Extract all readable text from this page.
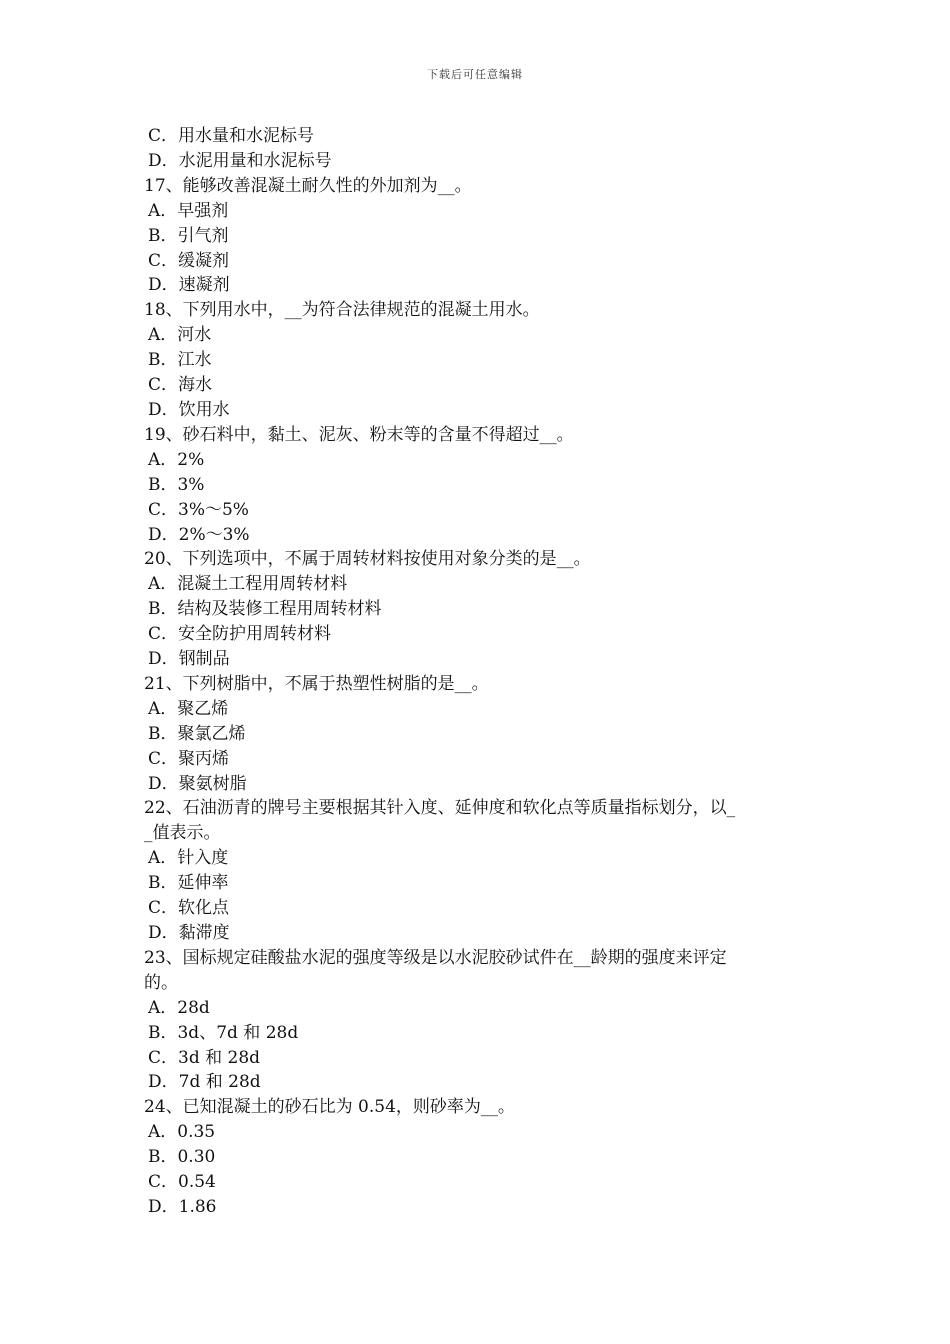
下载后可任意编辑
C．用水量和水泥标号
D．水泥用量和水泥标号
17、能够改善混凝土耐久性的外加剂为__。
A．早强剂
B．引气剂
C．缓凝剂
D．速凝剂
18、下列用水中，__为符合法律规范的混凝土用水。
A．河水
B．江水
C．海水
D．饮用水
19、砂石料中，黏土、泥灰、粉末等的含量不得超过__。
A．2%
B．3%
C．3%～5%
D．2%～3%
20、下列选项中，不属于周转材料按使用对象分类的是__。
A．混凝土工程用周转材料
B．结构及装修工程用周转材料
C．安全防护用周转材料
D．钢制品
21、下列树脂中，不属于热塑性树脂的是__。
A．聚乙烯
B．聚氯乙烯
C．聚丙烯
D．聚氨树脂
22、石油沥青的牌号主要根据其针入度、延伸度和软化点等质量指标划分，以_
_值表示。
A．针入度
B．延伸率
C．软化点
D．黏滞度
23、国标规定硅酸盐水泥的强度等级是以水泥胶砂试件在__龄期的强度来评定
的。
A．28d
B．3d、7d 和 28d
C．3d 和 28d
D．7d 和 28d
24、已知混凝土的砂石比为 0.54，则砂率为__。
A．0.35
B．0.30
C．0.54
D．1.86
